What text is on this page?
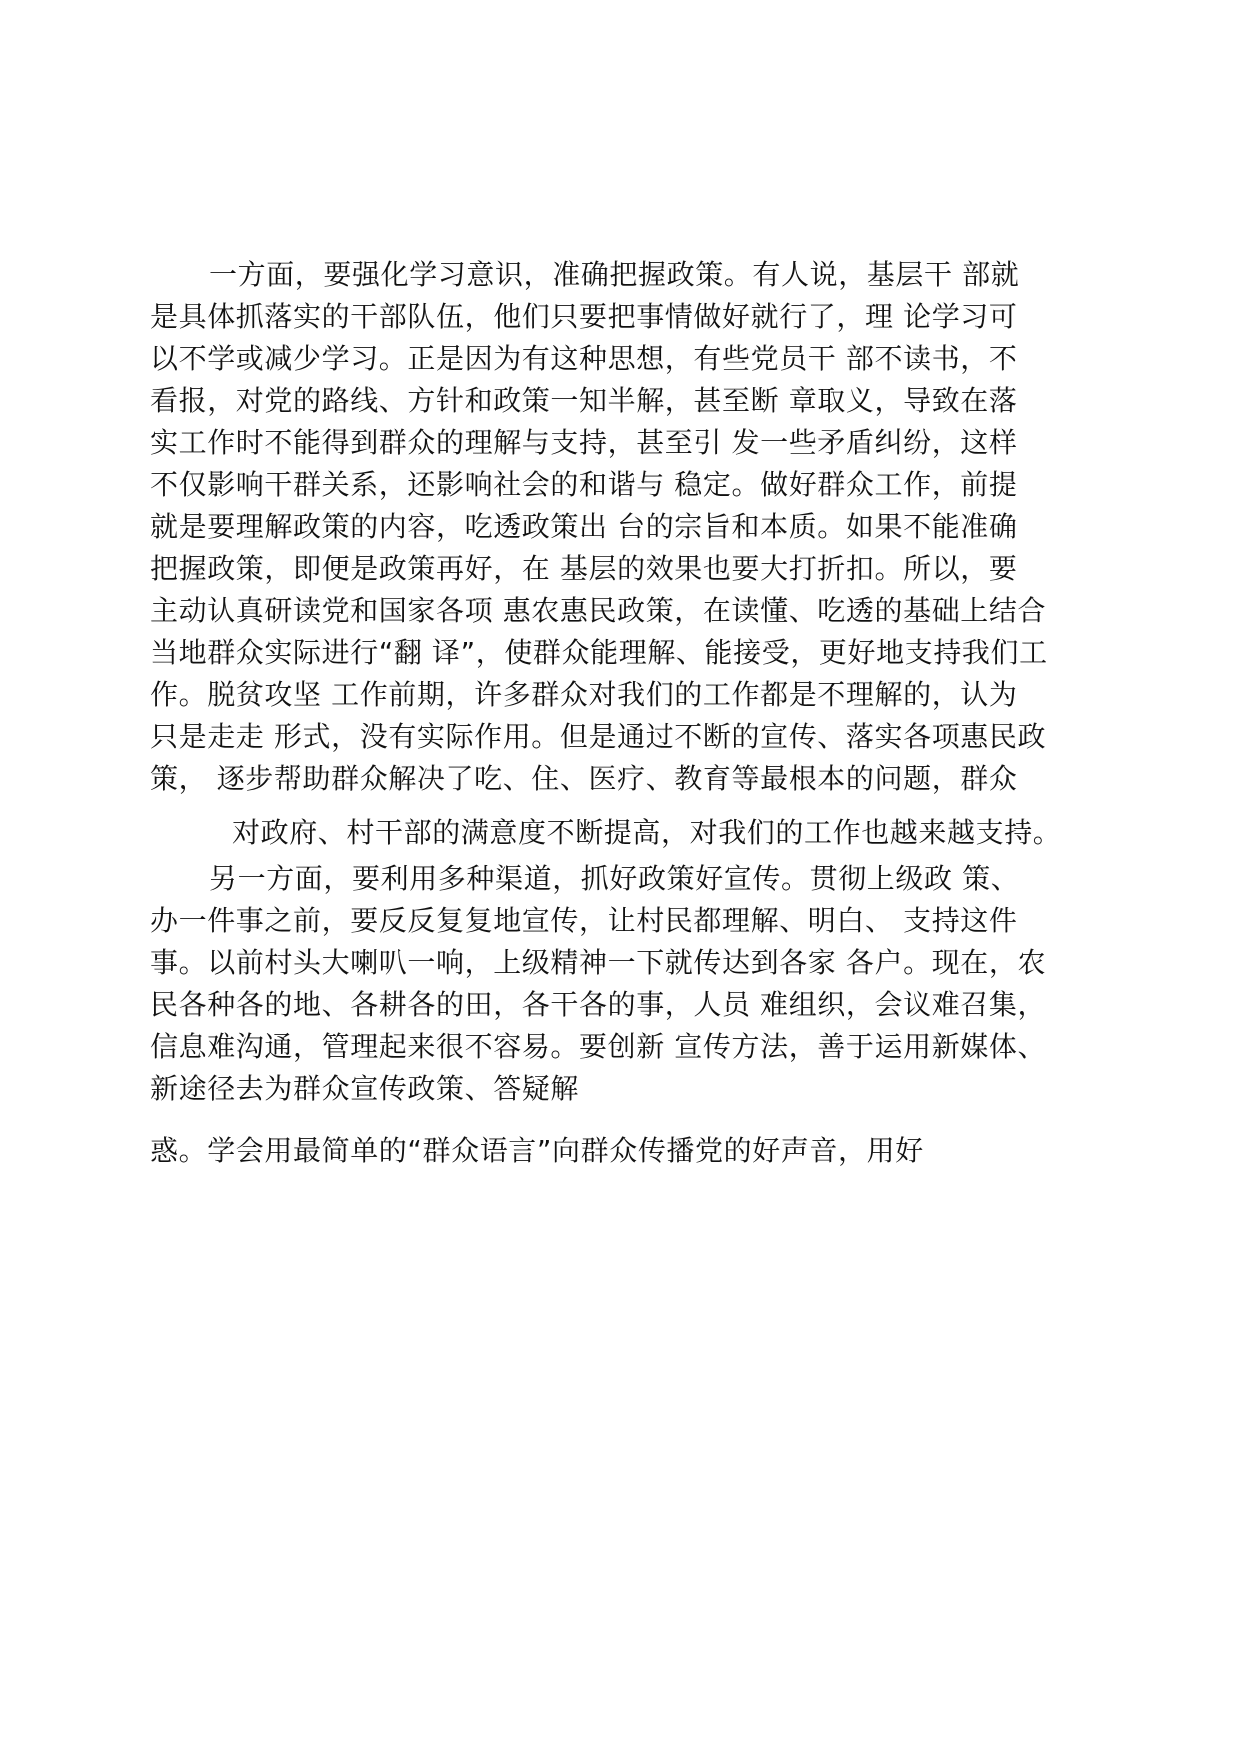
一方面，要强化学习意识，准确把握政策。有人说，基层干 部就
是具体抓落实的干部队伍，他们只要把事情做好就行了，理 论学习可
以不学或减少学习。正是因为有这种思想，有些党员干 部不读书，不
看报，对党的路线、方针和政策一知半解，甚至断 章取义，导致在落
实工作时不能得到群众的理解与支持，甚至引 发一些矛盾纠纷，这样
不仅影响干群关系，还影响社会的和谐与 稳定。做好群众工作，前提
就是要理解政策的内容，吃透政策出 台的宗旨和本质。如果不能准确
把握政策，即便是政策再好，在 基层的效果也要大打折扣。所以，要
主动认真研读党和国家各项 惠农惠民政策，在读懂、吃透的基础上结合
当地群众实际进行“翻 译”，使群众能理解、能接受，更好地支持我们工
作。脱贫攻坚 工作前期，许多群众对我们的工作都是不理解的，认为
只是走走 形式，没有实际作用。但是通过不断的宣传、落实各项惠民政
策， 逐步帮助群众解决了吃、住、医疗、教育等最根本的问题，群众
对政府、村干部的满意度不断提高，对我们的工作也越来越支持。
另一方面，要利用多种渠道，抓好政策好宣传。贯彻上级政 策、
办一件事之前，要反反复复地宣传，让村民都理解、明白、 支持这件
事。以前村头大喇叭一响，上级精神一下就传达到各家 各户。现在，农
民各种各的地、各耕各的田，各干各的事，人员 难组织，会议难召集，
信息难沟通，管理起来很不容易。要创新 宣传方法，善于运用新媒体、
新途径去为群众宣传政策、答疑解
惑。学会用最简单的“群众语言”向群众传播党的好声音，用好
